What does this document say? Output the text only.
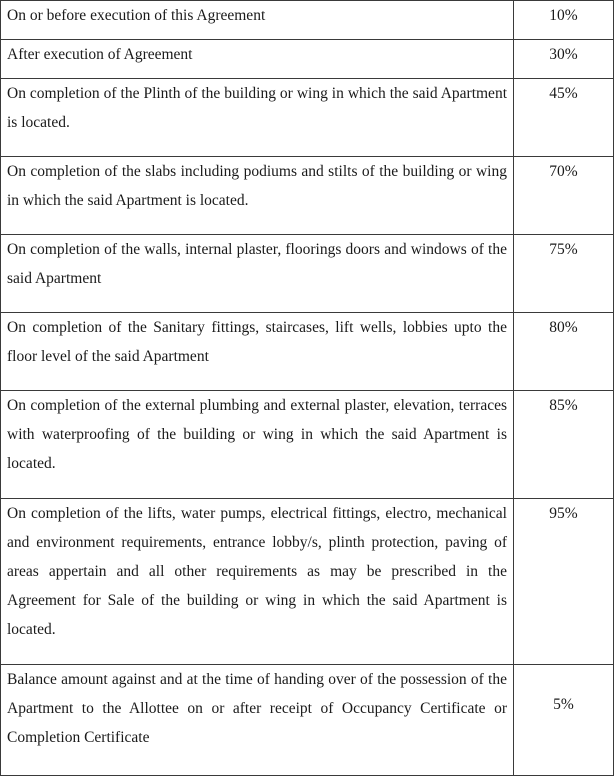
On or before execution of this Agreement	10%

After execution of Agreement	30%

On completion of the Plinth of the building or wing in which the said Apartment is located.	45%

On completion of the slabs including podiums and stilts of the building or wing in which the said Apartment is located.	70%

On completion of the walls, internal plaster, floorings doors and windows of the said Apartment	75%

On completion of the Sanitary fittings, staircases, lift wells, lobbies upto the floor level of the said Apartment	80%

On completion of the external plumbing and external plaster, elevation, terraces with waterproofing of the building or wing in which the said Apartment is located.	85%

On completion of the lifts, water pumps, electrical fittings, electro, mechanical and environment requirements, entrance lobby/s, plinth protection, paving of areas appertain and all other requirements as may be prescribed in the Agreement for Sale of the building or wing in which the said Apartment is located.	95%

Balance amount against and at the time of handing over of the possession of the Apartment to the Allottee on or after receipt of Occupancy Certificate or Completion Certificate	5%
